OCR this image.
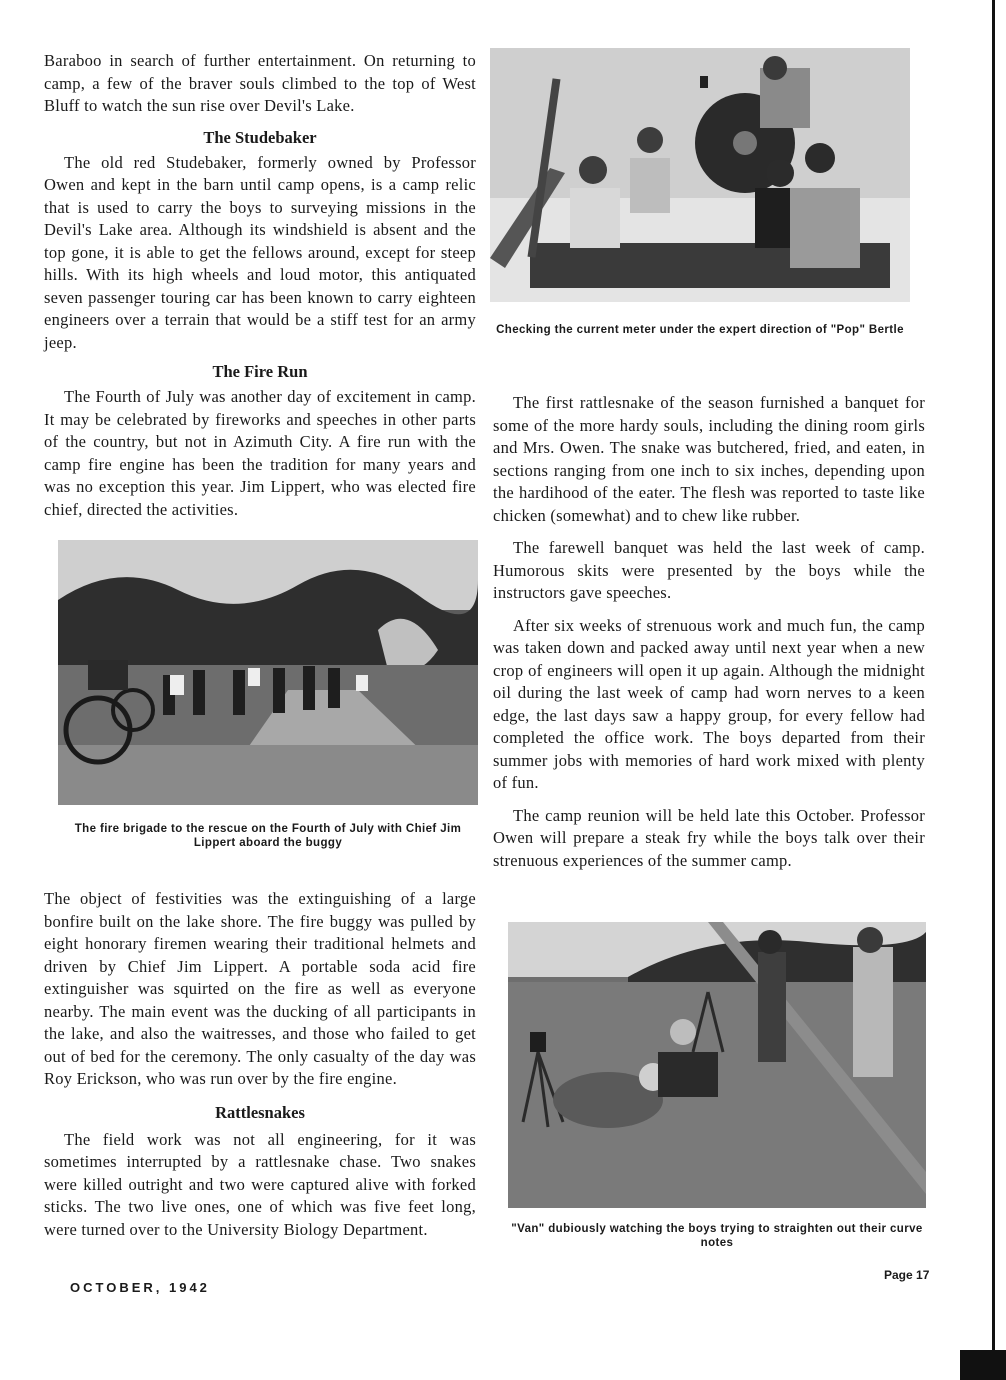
Baraboo in search of further entertainment. On returning to camp, a few of the braver souls climbed to the top of West Bluff to watch the sun rise over Devil's Lake.

The Studebaker

The old red Studebaker, formerly owned by Professor Owen and kept in the barn until camp opens, is a camp relic that is used to carry the boys to surveying missions in the Devil's Lake area. Although its windshield is absent and the top gone, it is able to get the fellows around, except for steep hills. With its high wheels and loud motor, this antiquated seven passenger touring car has been known to carry eighteen engineers over a terrain that would be a stiff test for an army jeep.

The Fire Run

The Fourth of July was another day of excitement in camp. It may be celebrated by fireworks and speeches in other parts of the country, but not in Azimuth City. A fire run with the camp fire engine has been the tradition for many years and was no exception this year. Jim Lippert, who was elected fire chief, directed the activities.

The fire brigade to the rescue on the Fourth of July with Chief Jim Lippert aboard the buggy

The object of festivities was the extinguishing of a large bonfire built on the lake shore. The fire buggy was pulled by eight honorary firemen wearing their traditional helmets and driven by Chief Jim Lippert. A portable soda acid fire extinguisher was squirted on the fire as well as everyone nearby. The main event was the ducking of all participants in the lake, and also the waitresses, and those who failed to get out of bed for the ceremony. The only casualty of the day was Roy Erickson, who was run over by the fire engine.

Rattlesnakes

The field work was not all engineering, for it was sometimes interrupted by a rattlesnake chase. Two snakes were killed outright and two were captured alive with forked sticks. The two live ones, one of which was five feet long, were turned over to the University Biology Department.

Checking the current meter under the expert direction of "Pop" Bertle

The first rattlesnake of the season furnished a banquet for some of the more hardy souls, including the dining room girls and Mrs. Owen. The snake was butchered, fried, and eaten, in sections ranging from one inch to six inches, depending upon the hardihood of the eater. The flesh was reported to taste like chicken (somewhat) and to chew like rubber.

The farewell banquet was held the last week of camp. Humorous skits were presented by the boys while the instructors gave speeches.

After six weeks of strenuous work and much fun, the camp was taken down and packed away until next year when a new crop of engineers will open it up again. Although the midnight oil during the last week of camp had worn nerves to a keen edge, the last days saw a happy group, for every fellow had completed the office work. The boys departed from their summer jobs with memories of hard work mixed with plenty of fun.

The camp reunion will be held late this October. Professor Owen will prepare a steak fry while the boys talk over their strenuous experiences of the summer camp.

"Van" dubiously watching the boys trying to straighten out their curve notes
OCTOBER, 1942
Page 17
